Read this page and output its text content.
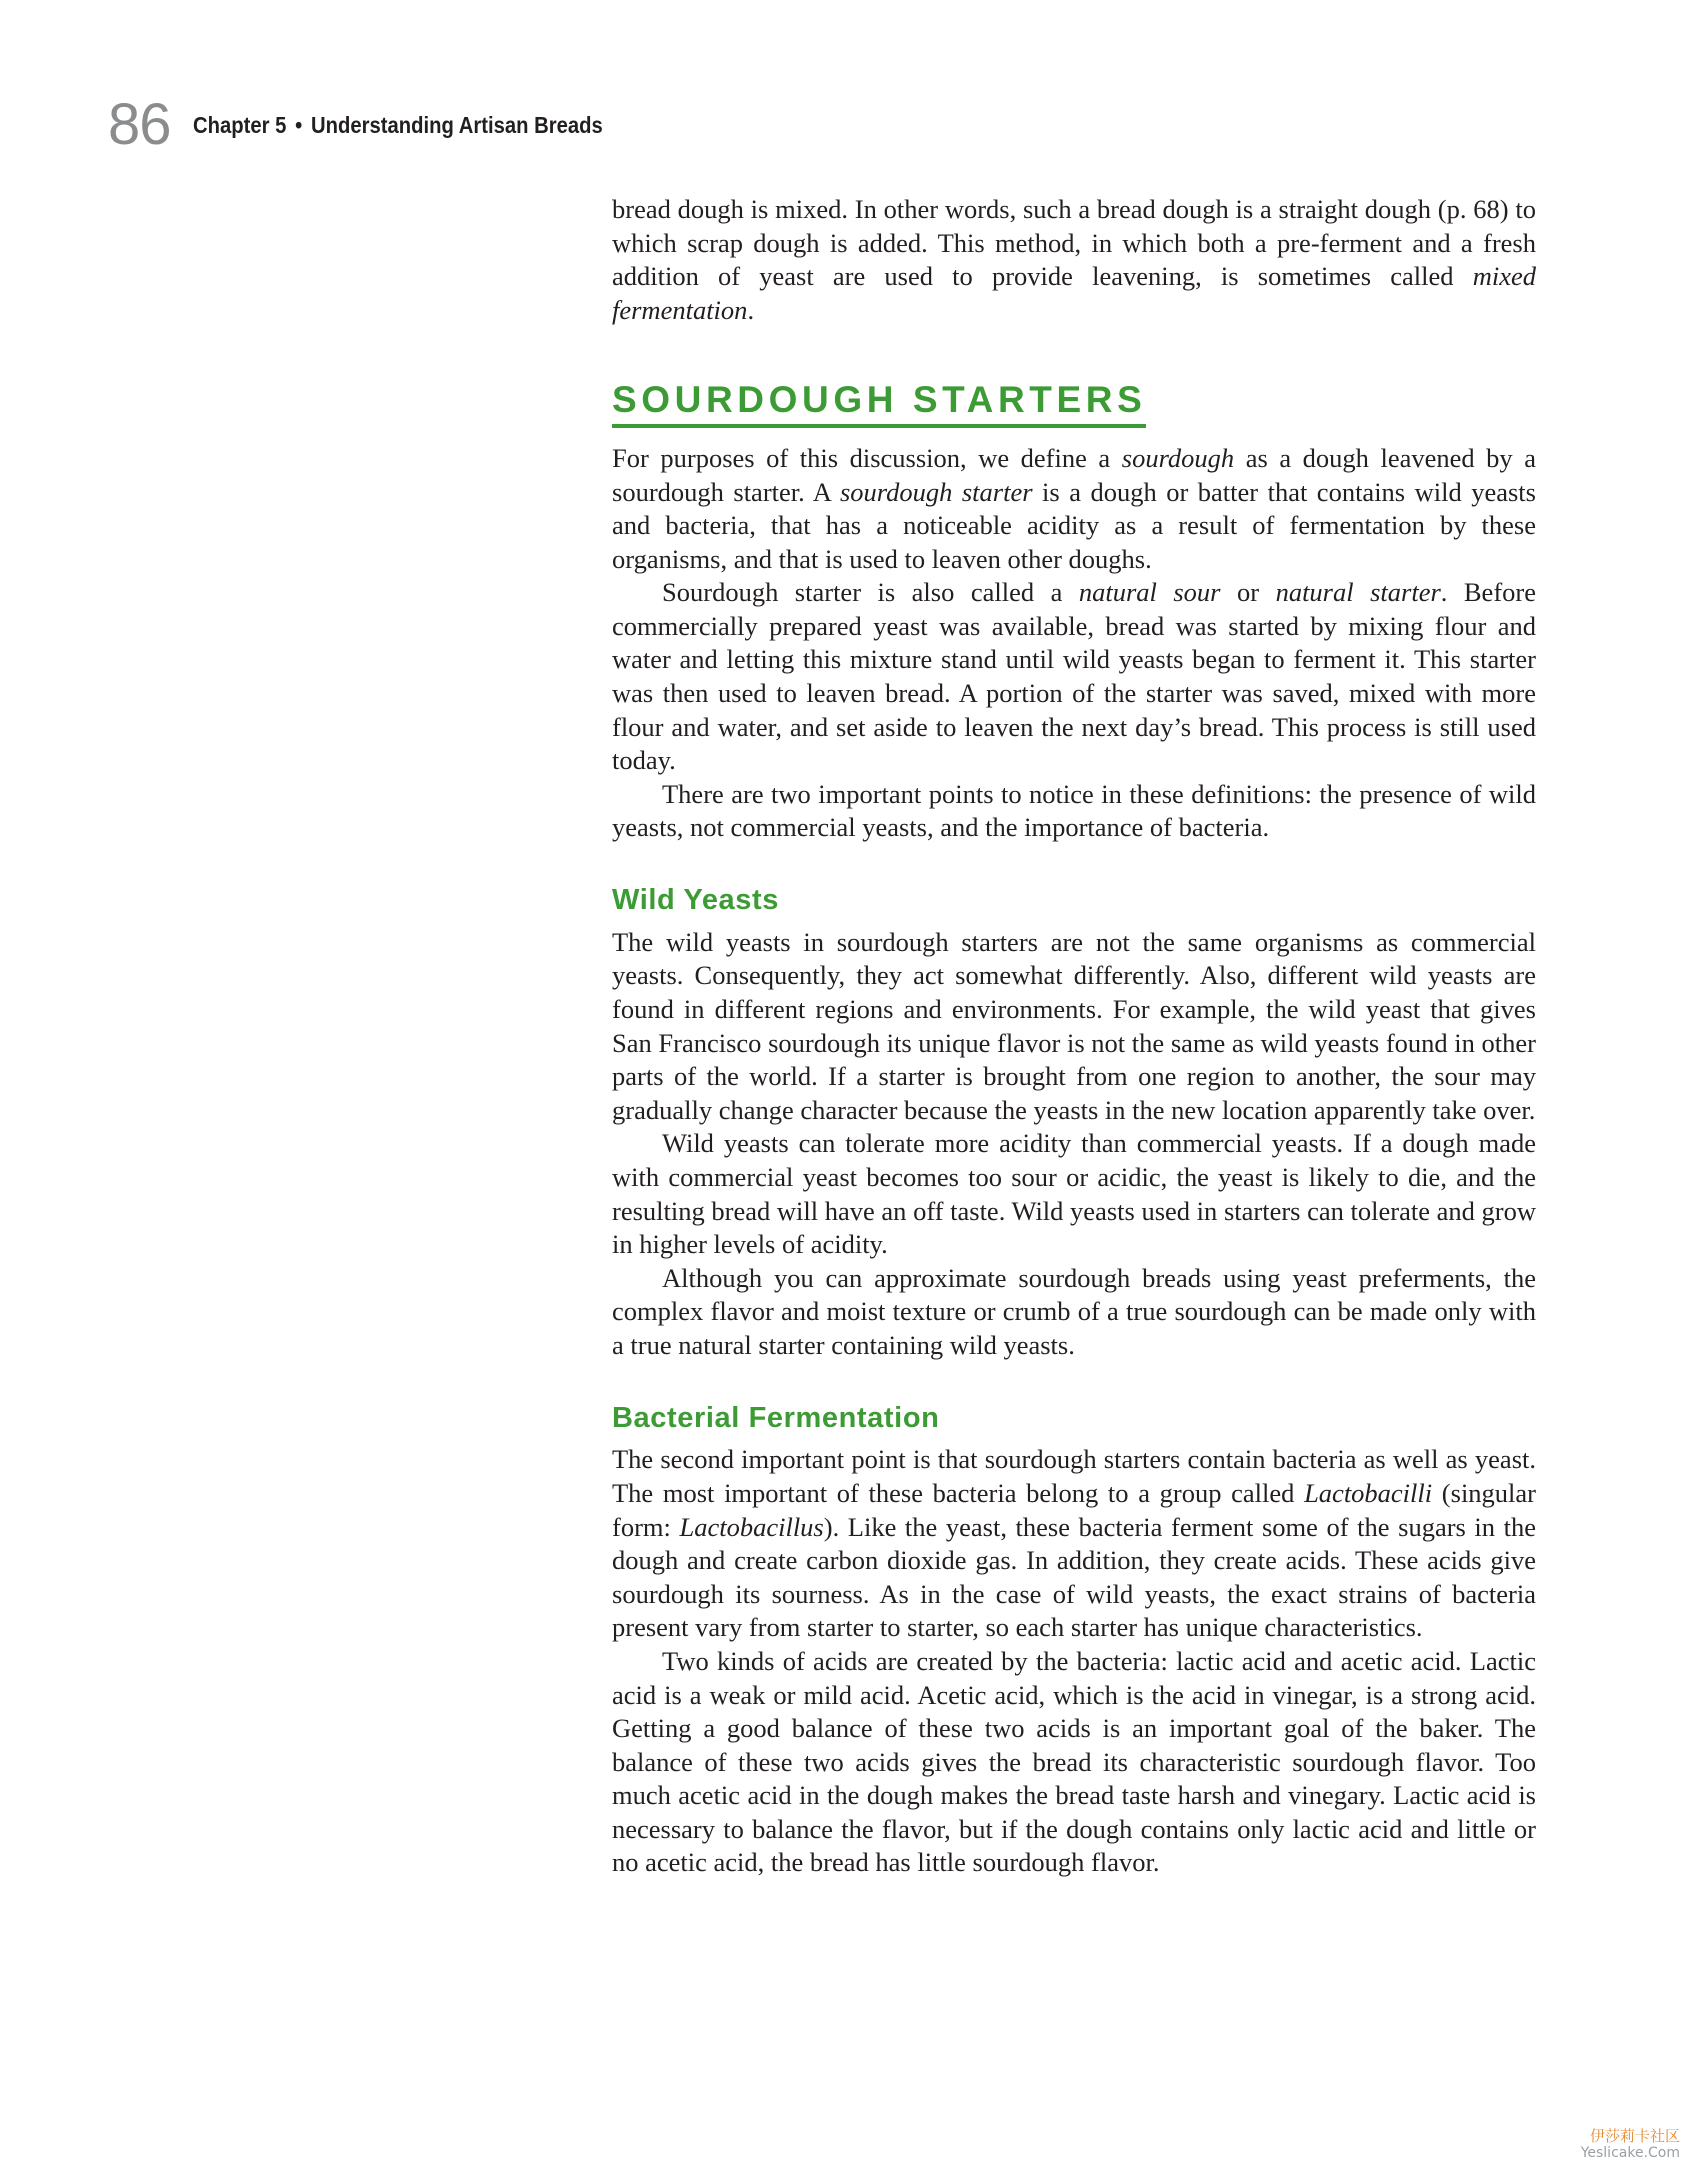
86 Chapter 5 • Understanding Artisan Breads

bread dough is mixed. In other words, such a bread dough is a straight dough (p. 68) to which scrap dough is added. This method, in which both a pre-ferment and a fresh addition of yeast are used to provide leavening, is sometimes called mixed fermentation.

SOURDOUGH STARTERS

For purposes of this discussion, we define a sourdough as a dough leavened by a sourdough starter. A sourdough starter is a dough or batter that contains wild yeasts and bacteria, that has a noticeable acidity as a result of fermentation by these organisms, and that is used to leaven other doughs.

Sourdough starter is also called a natural sour or natural starter. Before commercially prepared yeast was available, bread was started by mixing flour and water and letting this mixture stand until wild yeasts began to ferment it. This starter was then used to leaven bread. A portion of the starter was saved, mixed with more flour and water, and set aside to leaven the next day’s bread. This process is still used today.

There are two important points to notice in these definitions: the presence of wild yeasts, not commercial yeasts, and the importance of bacteria.

Wild Yeasts

The wild yeasts in sourdough starters are not the same organisms as commercial yeasts. Consequently, they act somewhat differently. Also, different wild yeasts are found in different regions and environments. For example, the wild yeast that gives San Francisco sourdough its unique flavor is not the same as wild yeasts found in other parts of the world. If a starter is brought from one region to another, the sour may gradually change character because the yeasts in the new location apparently take over.

Wild yeasts can tolerate more acidity than commercial yeasts. If a dough made with commercial yeast becomes too sour or acidic, the yeast is likely to die, and the resulting bread will have an off taste. Wild yeasts used in starters can tolerate and grow in higher levels of acidity.

Although you can approximate sourdough breads using yeast preferments, the complex flavor and moist texture or crumb of a true sourdough can be made only with a true natural starter containing wild yeasts.

Bacterial Fermentation

The second important point is that sourdough starters contain bacteria as well as yeast. The most important of these bacteria belong to a group called Lactobacilli (singular form: Lactobacillus). Like the yeast, these bacteria ferment some of the sugars in the dough and create carbon dioxide gas. In addition, they create acids. These acids give sourdough its sourness. As in the case of wild yeasts, the exact strains of bacteria present vary from starter to starter, so each starter has unique characteristics.

Two kinds of acids are created by the bacteria: lactic acid and acetic acid. Lactic acid is a weak or mild acid. Acetic acid, which is the acid in vinegar, is a strong acid. Getting a good balance of these two acids is an important goal of the baker. The balance of these two acids gives the bread its characteristic sourdough flavor. Too much acetic acid in the dough makes the bread taste harsh and vinegary. Lactic acid is necessary to balance the flavor, but if the dough contains only lactic acid and little or no acetic acid, the bread has little sourdough flavor.

伊莎莉卡社区
Yeslicake.Com
